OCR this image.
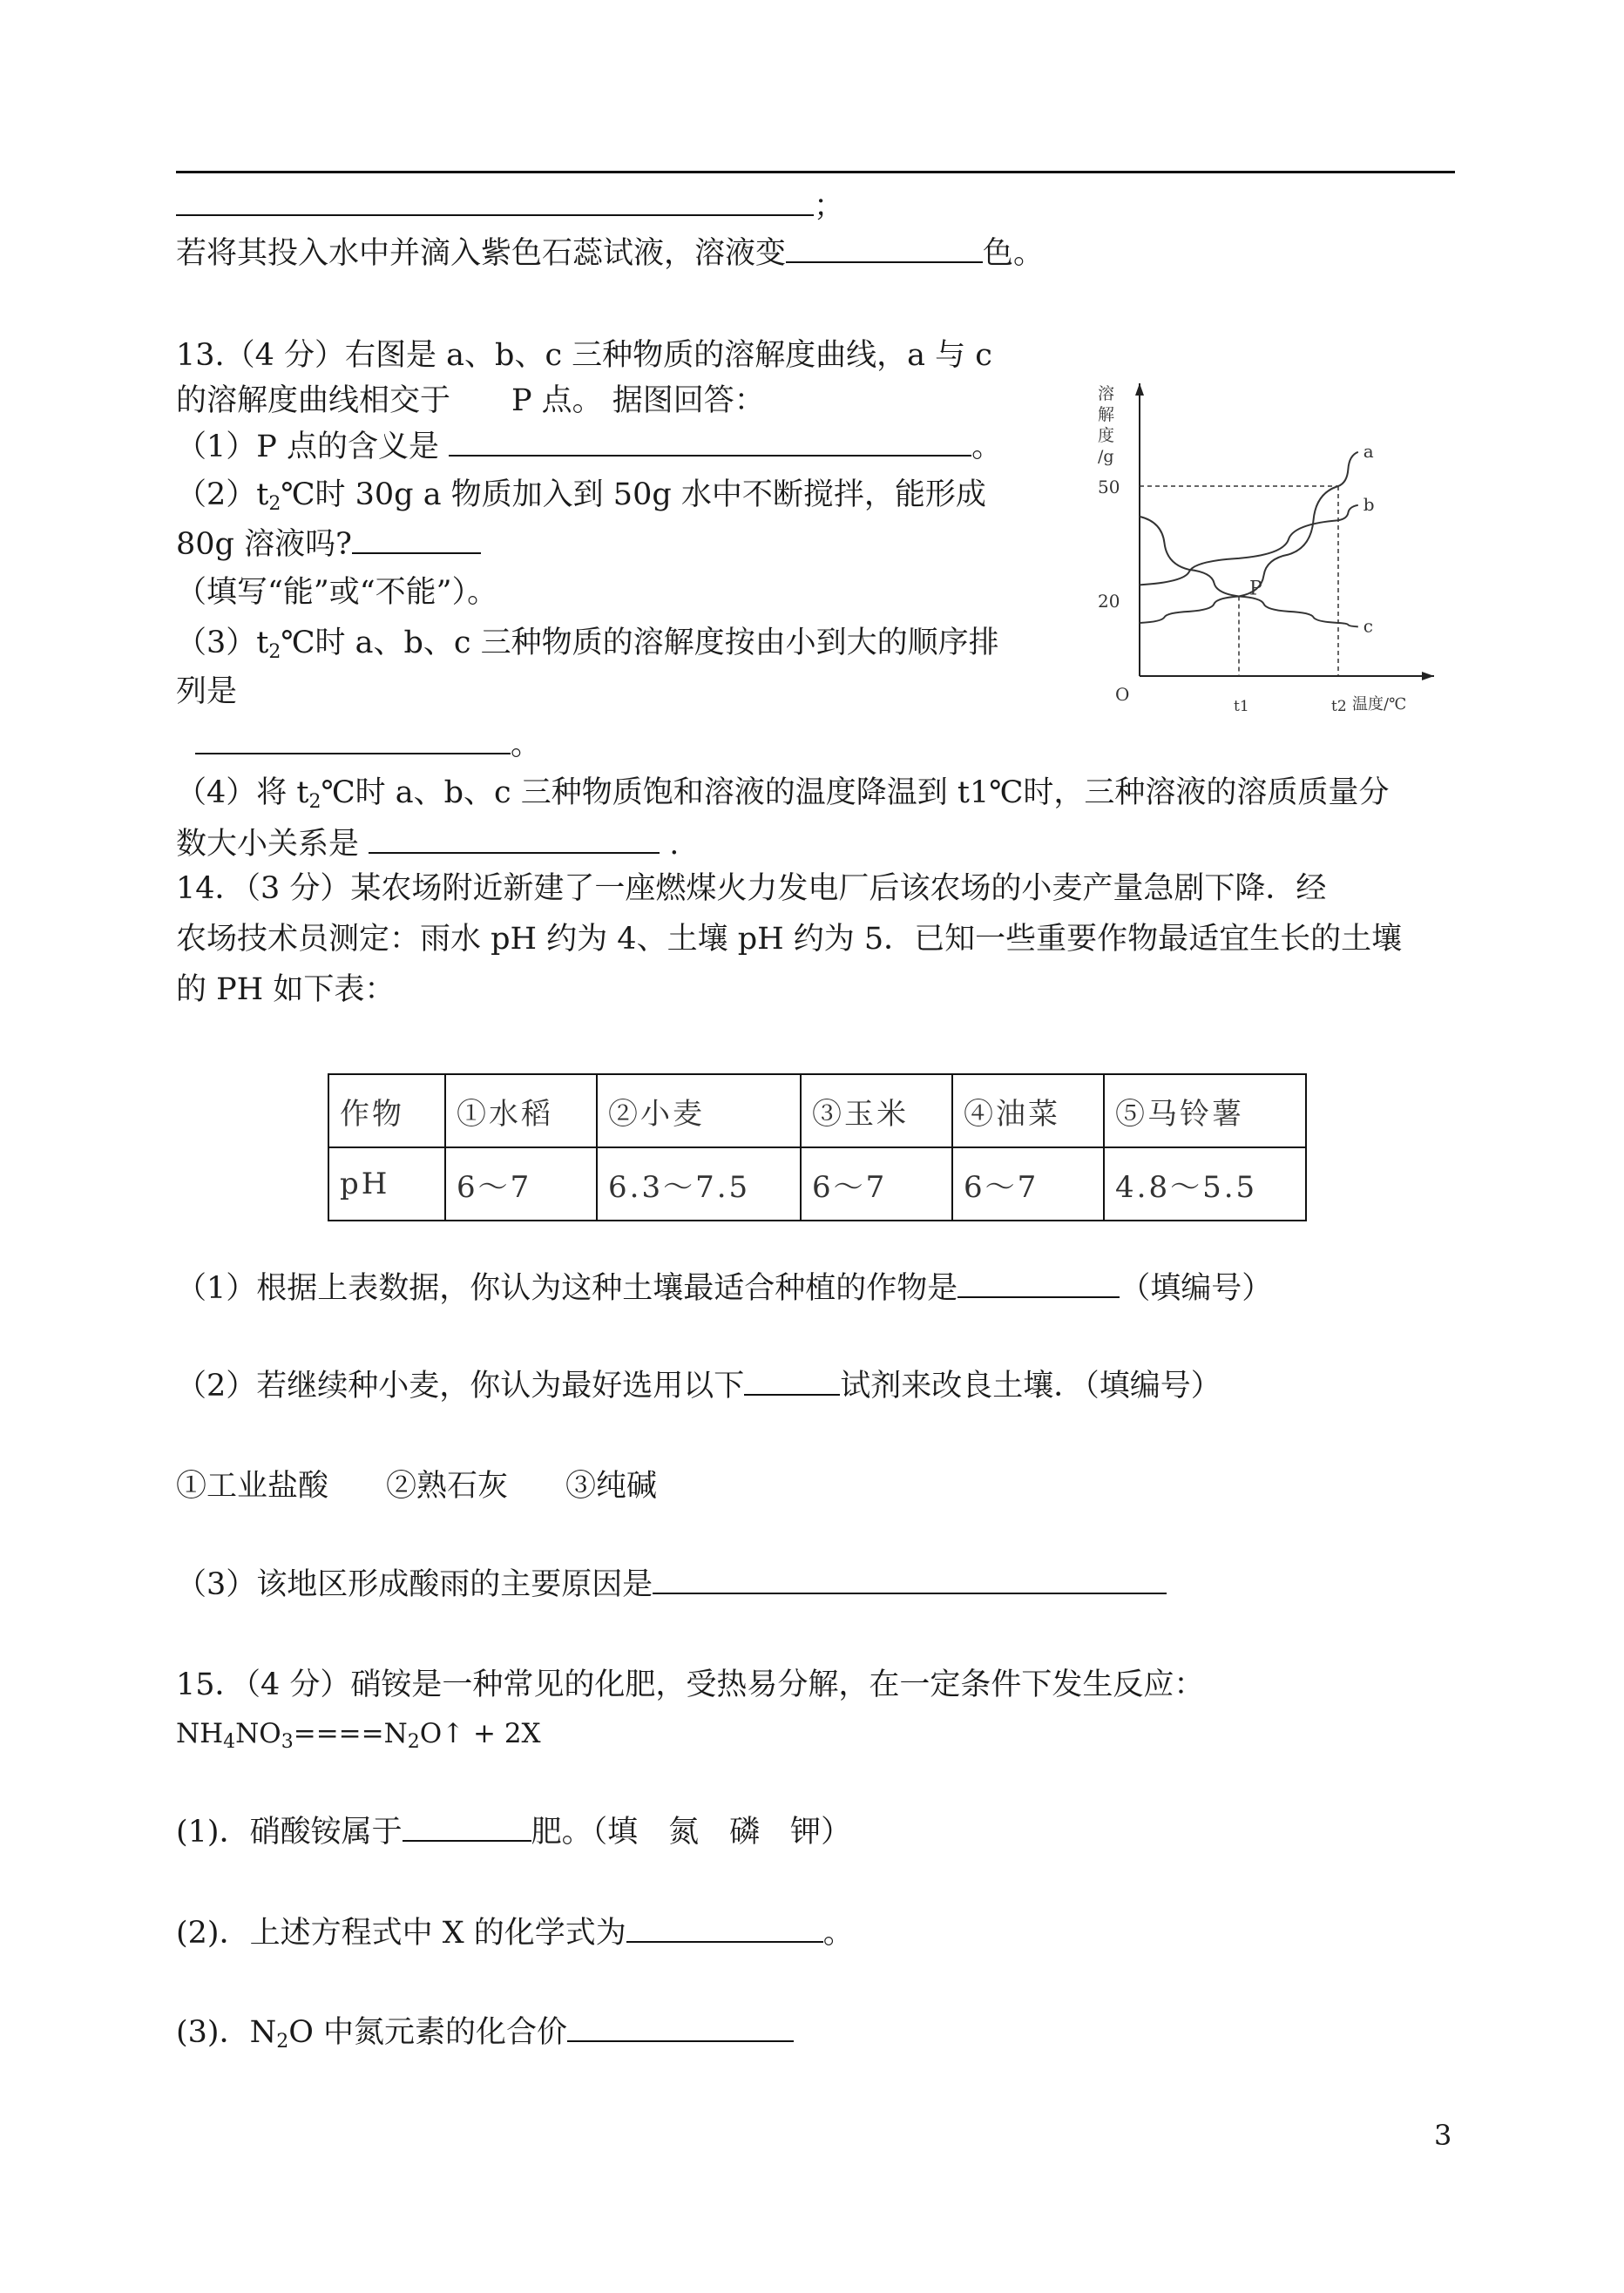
；
若将其投入水中并滴入紫色石蕊试液，溶液变	色。
13.（4 分）右图是 a、b、c 三种物质的溶解度曲线，a 与 c
的溶解度曲线相交于　　P 点。 据图回答：
（1）P 点的含义是	。
$(2)t_2℃$时 30g a 物质加入到 50g 水中不断搅拌，能形成
80g 溶液吗?
（填写“能”或“不能”）。
$(3)t_2℃$时 a、b、c 三种物质的溶解度按由小到大的顺序排
列是
。
（4）将 $t_2℃$时 a、b、c 三种物质饱和溶液的温度降温到 t1℃时，三种溶液的溶质质量分
数大小关系是	.
a
b
c
溶解度/g
温度/℃
O
50
20
t1	t2
P
14．（3 分）某农场附近新建了一座燃煤火力发电厂后该农场的小麦产量急剧下降．经
农场技术员测定：雨水 pH 约为 4、土壤 pH 约为 5．已知一些重要作物最适宜生长的土壤
的 PH 如下表：
作物	①水稻	②小麦	③玉米	④油菜	⑤马铃薯
pH	6～7	6.3～7.5	6～7	6～7	4.8～5.5
（1）根据上表数据，你认为这种土壤最适合种植的作物是	（填编号）
（2）若继续种小麦，你认为最好选用以下	试剂来改良土壤．（填编号）
①工业盐酸 ②熟石灰 ③纯碱
（3）该地区形成酸雨的主要原因是
15．（4 分）硝铵是一种常见的化肥，受热易分解，在一定条件下发生反应：
$NH_4NO_3====N_2O↑ + 2X$
(1)．硝酸铵属于	肥。（填　氮　磷　钾）
(2)．上述方程式中 X 的化学式为	。
(3)．$N_2O$ 中氮元素的化合价
3
